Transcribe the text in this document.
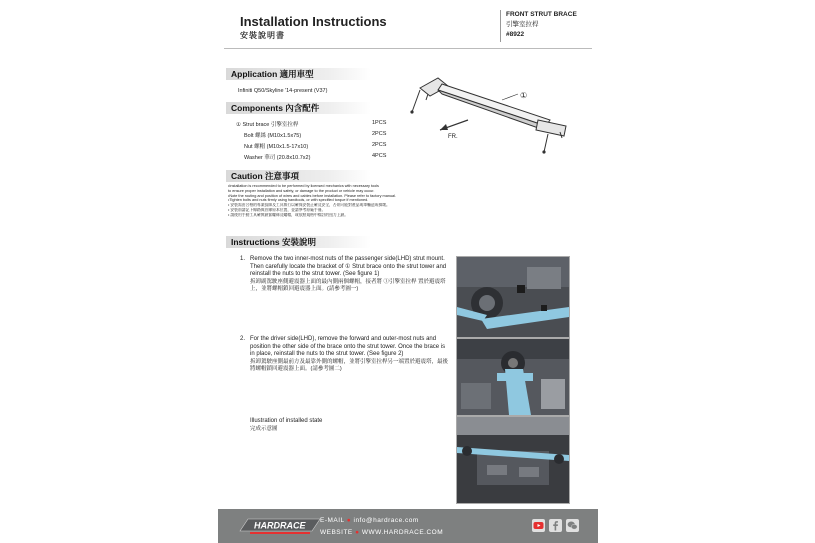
Installation Instructions
安裝說明書
FRONT STRUT BRACE
引擎室拉桿
#8922
Application 適用車型
Infiniti Q50/Skyline '14-present (V37)
Components 內含配件
① Strut brace 引擎室拉桿	1PCS
Bolt 螺絲 (M10x1.5x75)	2PCS
Nut 螺帽 (M10x1.5-17x10)	2PCS
Washer 華司 (20.8x10.7x2)	4PCS
①
FR.
Caution 注意事項
•Installation is recommended to be performed by licensed mechanics with necessary tools
to ensure proper installation and safety, or damage to the product or vehicle may occur.
•Note the routing and position of wires and cables before installation. Please refer to factory manual.
•Tighten bolts and nuts firmly using handtools, or with specified torque if mentioned.
• 安裝需由合格的專業技師及工具執行以確保安裝正確及安全，否則可能對產品或車輛造成損壞。
• 安裝前請記下線路與管線原本位置，並請參考原廠手冊。
• 請使用手動工具確實鎖緊螺絲及螺帽，或依照規格中標註的扭力上鎖。
Instructions 安裝說明
1. Remove the two inner-most nuts of the passenger side(LHD) strut mount. Then carefully locate the bracket of ① Strut brace onto the strut tower and reinstall the nuts to the strut tower. (See figure 1)
拆卸副駕駛座側避震器上面的最內側兩個螺帽，接者將 ①引擎室拉桿 置於避震塔上，並將螺帽鎖回避震器上面。(請參考圖一)
2. For the driver side(LHD), remove the forward and outer-most nuts and position the other side of the brace onto the strut tower. Once the brace is in place, reinstall the nuts to the strut tower. (See figure 2)
拆卸駕駛座側最前方及最靠外側的螺帽，並將引擎室拉桿另一端置於避震塔，最後將螺帽鎖回避震器上面。(請參考圖二)
Illustration of installed state
完成示意圖
HARDRACE E-MAIL ● info@hardrace.com
WEBSITE ● WWW.HARDRACE.COM
